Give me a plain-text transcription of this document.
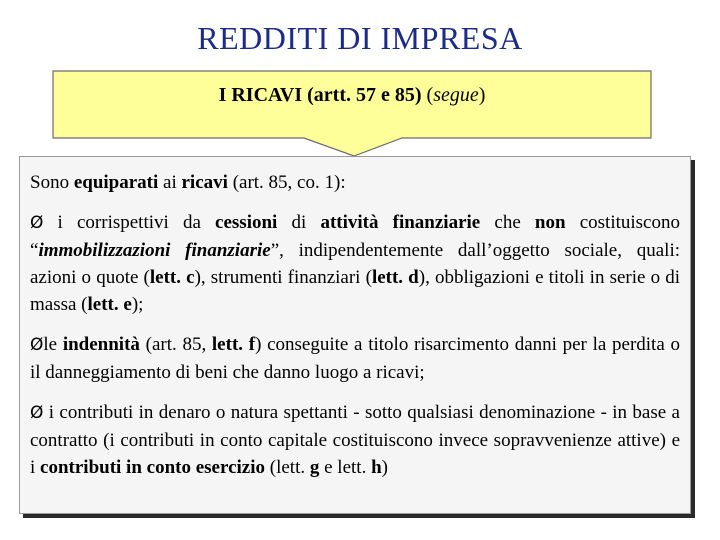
REDDITI DI IMPRESA
I RICAVI (artt. 57 e 85) (segue)

Sono equiparati ai ricavi (art. 85, co. 1):

Ø i corrispettivi da cessioni di attività finanziarie che non costituiscono “immobilizzazioni finanziarie”, indipendentemente dall’oggetto sociale, quali: azioni o quote (lett. c), strumenti finanziari (lett. d), obbligazioni e titoli in serie o di massa (lett. e);

Øle indennità (art. 85, lett. f) conseguite a titolo risarcimento danni per la perdita o il danneggiamento di beni che danno luogo a ricavi;

Ø i contributi in denaro o natura spettanti - sotto qualsiasi denominazione - in base a contratto (i contributi in conto capitale costituiscono invece sopravvenienze attive) e i contributi in conto esercizio (lett. g e lett. h)
